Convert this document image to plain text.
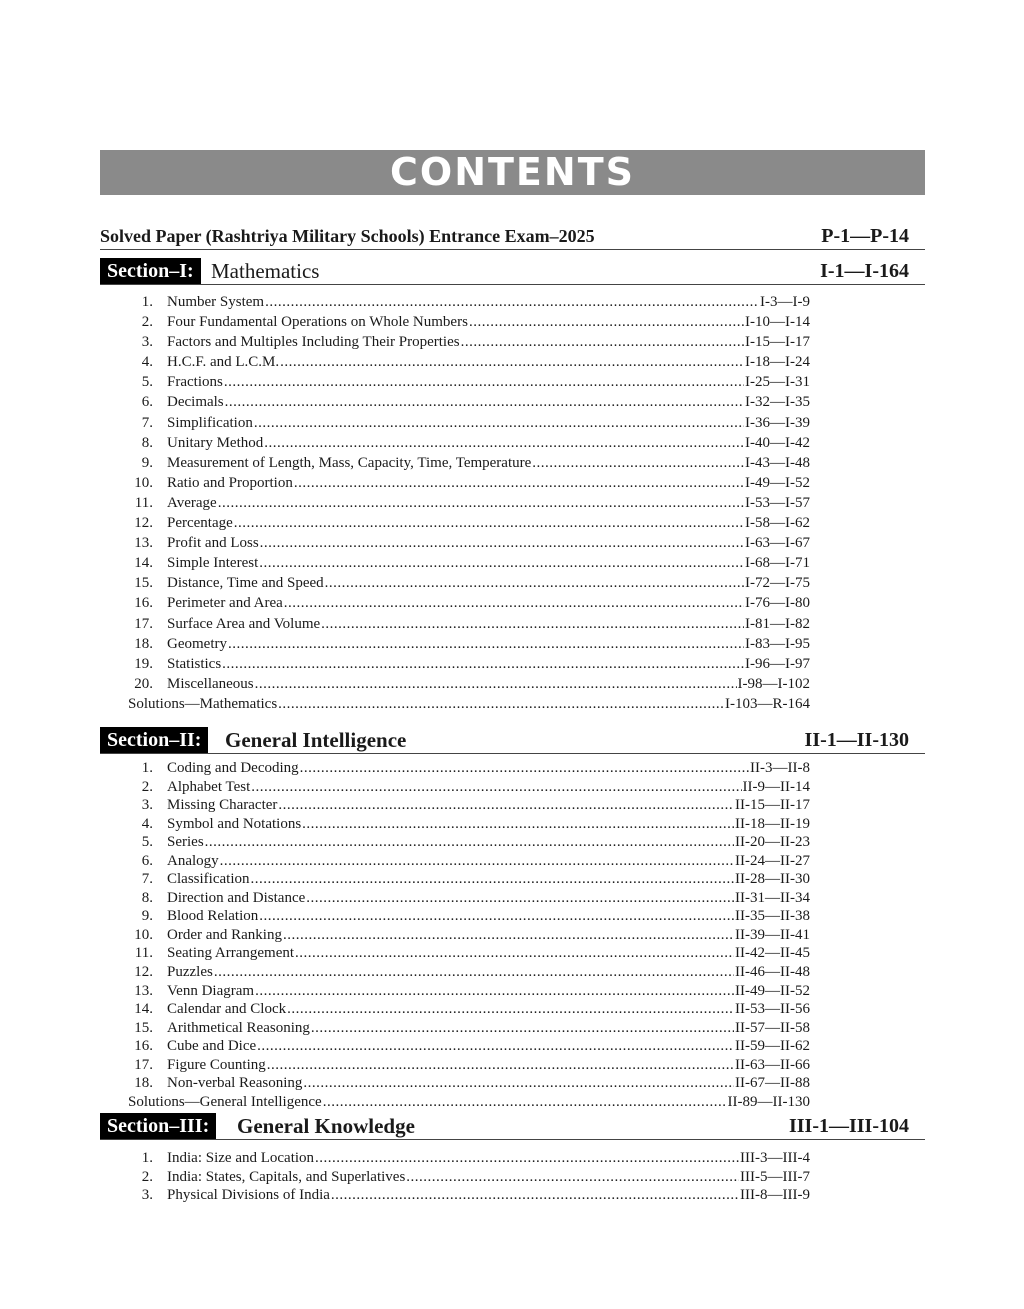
CONTENTS
Solved Paper (Rashtriya Military Schools) Entrance Exam–2025	P-1—P-14
Section–I: Mathematics	I-1—I-164
1. Number System .....	I-3—I-9
2. Four Fundamental Operations on Whole Numbers .....	I-10—I-14
3. Factors and Multiples Including Their Properties .....	I-15—I-17
4. H.C.F. and L.C.M. .....	I-18—I-24
5. Fractions .....	I-25—I-31
6. Decimals .....	I-32—I-35
7. Simplification .....	I-36—I-39
8. Unitary Method .....	I-40—I-42
9. Measurement of Length, Mass, Capacity, Time, Temperature .....	I-43—I-48
10. Ratio and Proportion .....	I-49—I-52
11. Average .....	I-53—I-57
12. Percentage .....	I-58—I-62
13. Profit and Loss .....	I-63—I-67
14. Simple Interest .....	I-68—I-71
15. Distance, Time and Speed .....	I-72—I-75
16. Perimeter and Area .....	I-76—I-80
17. Surface Area and Volume .....	I-81—I-82
18. Geometry .....	I-83—I-95
19. Statistics .....	I-96—I-97
20. Miscellaneous .....	I-98—I-102
Solutions—Mathematics .....	I-103—R-164
Section–II:	General Intelligence	II-1—II-130
1. Coding and Decoding .....	II-3—II-8
2. Alphabet Test .....	II-9—II-14
3. Missing Character .....	II-15—II-17
4. Symbol and Notations .....	II-18—II-19
5. Series .....	II-20—II-23
6. Analogy .....	II-24—II-27
7. Classification .....	II-28—II-30
8. Direction and Distance .....	II-31—II-34
9. Blood Relation .....	II-35—II-38
10. Order and Ranking .....	II-39—II-41
11. Seating Arrangement .....	II-42—II-45
12. Puzzles .....	II-46—II-48
13. Venn Diagram .....	II-49—II-52
14. Calendar and Clock .....	II-53—II-56
15. Arithmetical Reasoning .....	II-57—II-58
16. Cube and Dice .....	II-59—II-62
17. Figure Counting .....	II-63—II-66
18. Non-verbal Reasoning .....	II-67—II-88
Solutions—General Intelligence .....	II-89—II-130
Section–III:	General Knowledge	III-1—III-104
1. India: Size and Location .....	III-3—III-4
2. India: States, Capitals, and Superlatives .....	III-5—III-7
3. Physical Divisions of India .....	III-8—III-9
